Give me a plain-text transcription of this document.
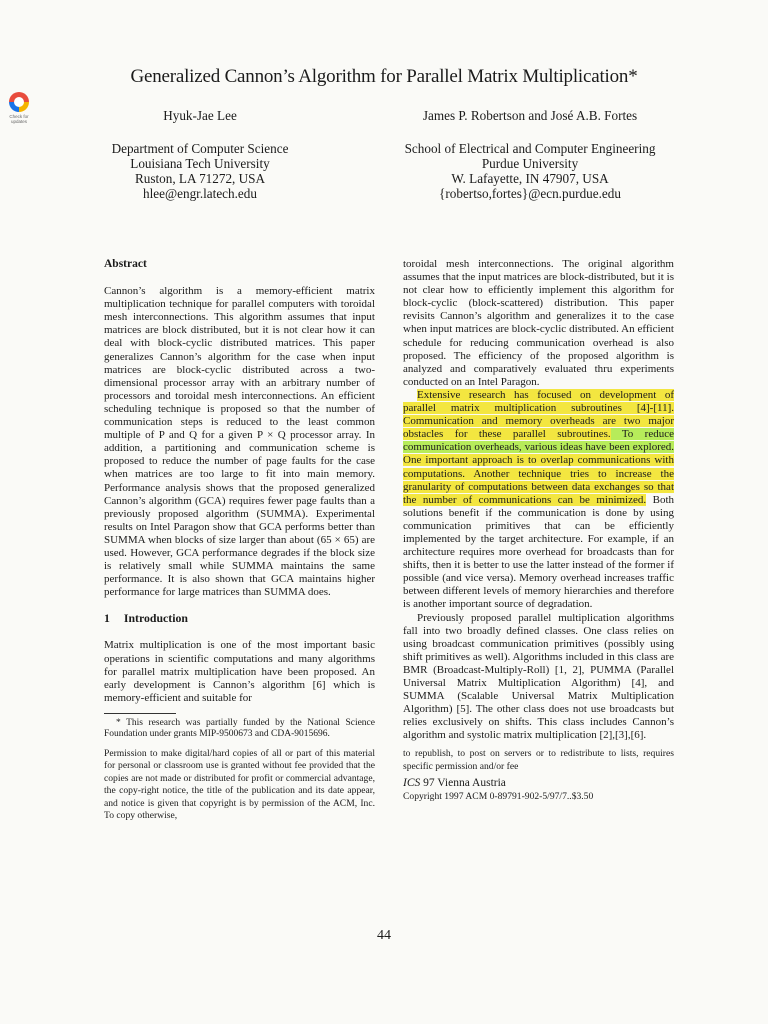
Check for updates
Generalized Cannon’s Algorithm for Parallel Matrix Multiplication*
Hyuk-Jae Lee
Department of Computer Science
Louisiana Tech University
Ruston, LA 71272, USA
hlee@engr.latech.edu
James P. Robertson and José A.B. Fortes
School of Electrical and Computer Engineering
Purdue University
W. Lafayette, IN 47907, USA
{robertso,fortes}@ecn.purdue.edu
Abstract

Cannon’s algorithm is a memory-efficient matrix multiplication technique for parallel computers with toroidal mesh interconnections. This algorithm assumes that input matrices are block distributed, but it is not clear how it can deal with block-cyclic distributed matrices. This paper generalizes Cannon’s algorithm for the case when input matrices are block-cyclic distributed across a two-dimensional processor array with an arbitrary number of processors and toroidal mesh interconnections. An efficient scheduling technique is proposed so that the number of communication steps is reduced to the least common multiple of P and Q for a given P × Q processor array. In addition, a partitioning and communication scheme is proposed to reduce the number of page faults for the case when matrices are too large to fit into main memory. Performance analysis shows that the proposed generalized Cannon’s algorithm (GCA) requires fewer page faults than a previously proposed algorithm (SUMMA). Experimental results on Intel Paragon show that GCA performs better than SUMMA when blocks of size larger than about (65 × 65) are used. However, GCA performance degrades if the block size is relatively small while SUMMA maintains the same performance. It is also shown that GCA maintains higher performance for large matrices than SUMMA does.

1 Introduction

Matrix multiplication is one of the most important basic operations in scientific computations and many algorithms for parallel matrix multiplication have been proposed. An early development is Cannon’s algorithm [6] which is memory-efficient and suitable for

* This research was partially funded by the National Science Foundation under grants MIP-9500673 and CDA-9015696.

Permission to make digital/hard copies of all or part of this material for personal or classroom use is granted without fee provided that the copies are not made or distributed for profit or commercial advantage, the copy-right notice, the title of the publication and its date appear, and notice is given that copyright is by permission of the ACM, Inc. To copy otherwise,

toroidal mesh interconnections. The original algorithm assumes that the input matrices are block-distributed, but it is not clear how to efficiently implement this algorithm for block-cyclic (block-scattered) distribution. This paper revisits Cannon’s algorithm and generalizes it to the case when input matrices are block-cyclic distributed. An efficient schedule for reducing communication overhead is also proposed. The efficiency of the proposed algorithm is analyzed and comparatively evaluated thru experiments conducted on an Intel Paragon.

Extensive research has focused on development of parallel matrix multiplication subroutines [4]-[11]. Communication and memory overheads are two major obstacles for these parallel subroutines. To reduce communication overheads, various ideas have been explored. One important approach is to overlap communications with computations. Another technique tries to increase the granularity of computations between data exchanges so that the number of communications can be minimized. Both solutions benefit if the communication is done by using communication primitives that can be efficiently implemented by the target architecture. For example, if an architecture requires more overhead for broadcasts than for shifts, then it is better to use the latter instead of the former if possible (and vice versa). Memory overhead increases traffic between different levels of memory hierarchies and therefore is another important source of degradation.

Previously proposed parallel multiplication algorithms fall into two broadly defined classes. One class relies on using broadcast communication primitives (possibly using shift primitives as well). Algorithms included in this class are BMR (Broadcast-Multiply-Roll) [1, 2], PUMMA (Parallel Universal Matrix Multiplication Algorithm) [4], and SUMMA (Scalable Universal Matrix Multiplication Algorithm) [5]. The other class does not use broadcasts but relies exclusively on shifts. This class includes Cannon’s algorithm and systolic matrix multiplication [2],[3],[6].

to republish, to post on servers or to redistribute to lists, requires specific permission and/or fee

ICS 97 Vienna Austria

Copyright 1997 ACM 0-89791-902-5/97/7..$3.50

44
